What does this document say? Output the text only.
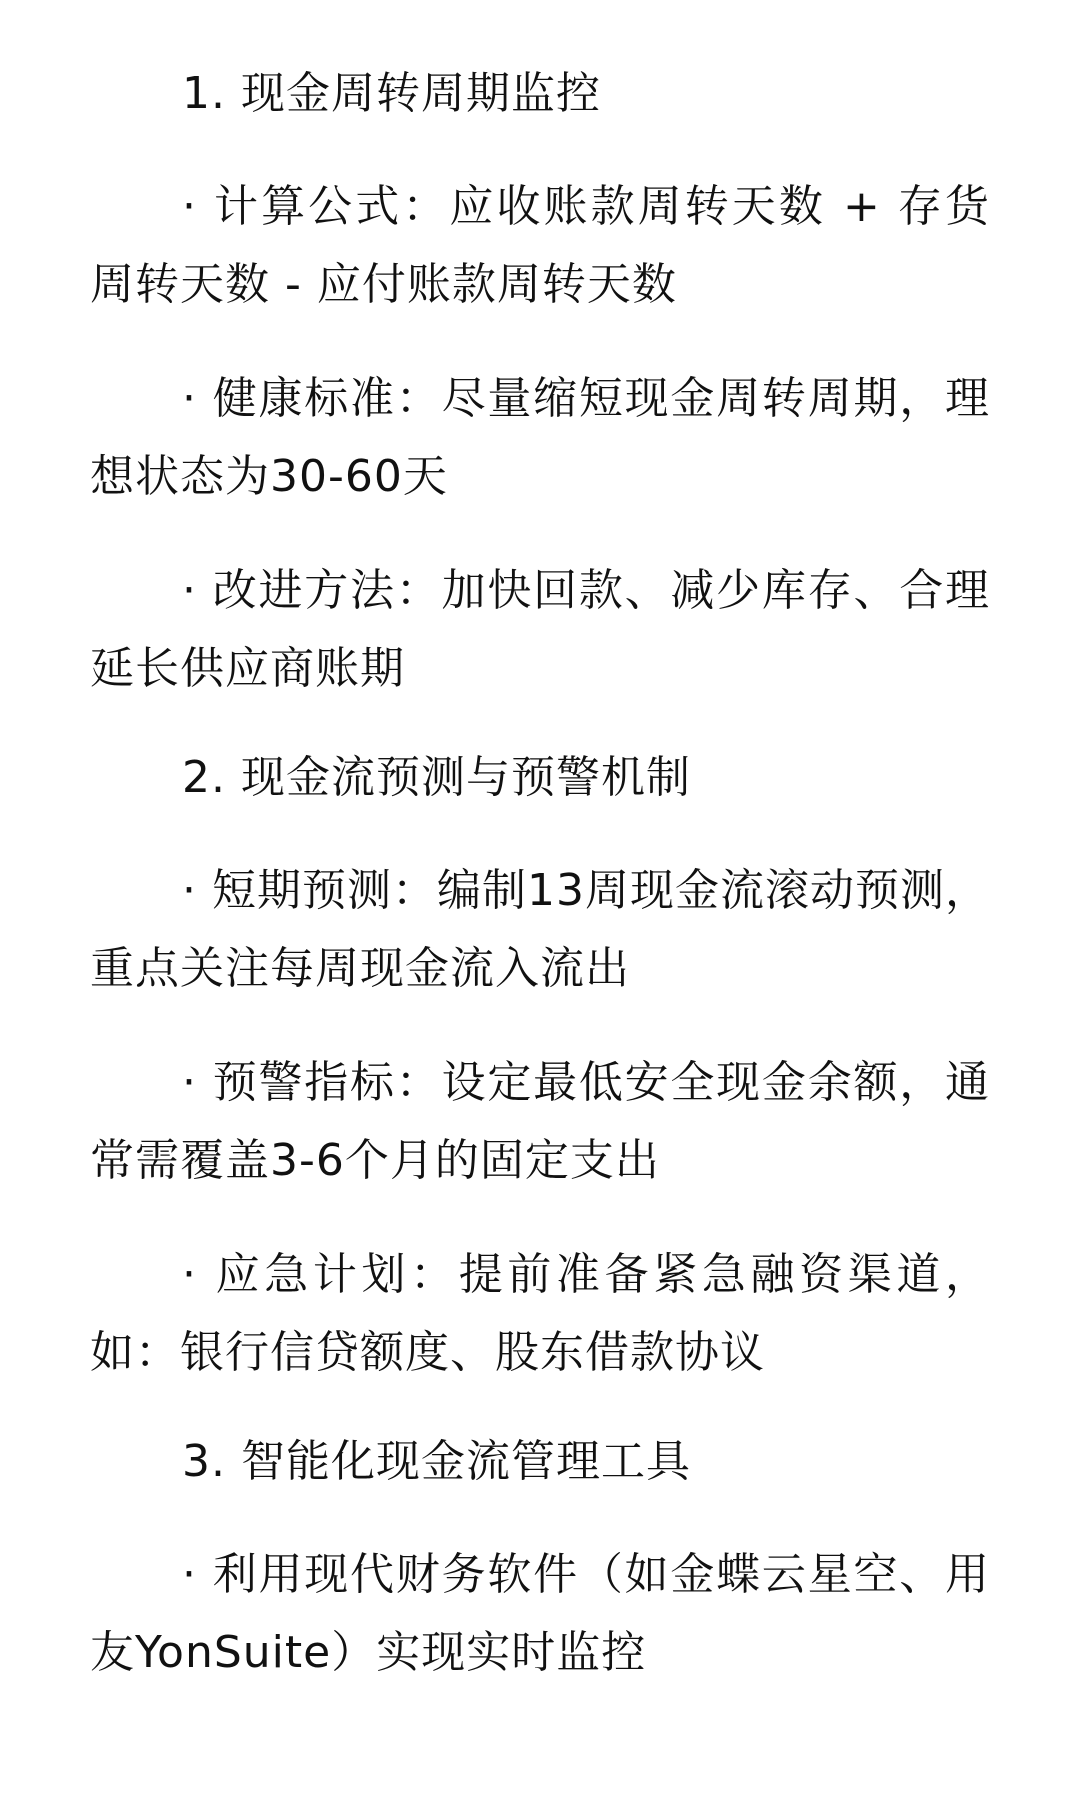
1. 现金周转周期监控

· 计算公式：应收账款周转天数 + 存货周转天数 - 应付账款周转天数

· 健康标准：尽量缩短现金周转周期，理想状态为30-60天

· 改进方法：加快回款、减少库存、合理延长供应商账期

2. 现金流预测与预警机制

· 短期预测：编制13周现金流滚动预测，重点关注每周现金流入流出

· 预警指标：设定最低安全现金余额，通常需覆盖3-6个月的固定支出

· 应急计划：提前准备紧急融资渠道，如：银行信贷额度、股东借款协议

3. 智能化现金流管理工具

· 利用现代财务软件（如金蝶云星空、用友YonSuite）实现实时监控
